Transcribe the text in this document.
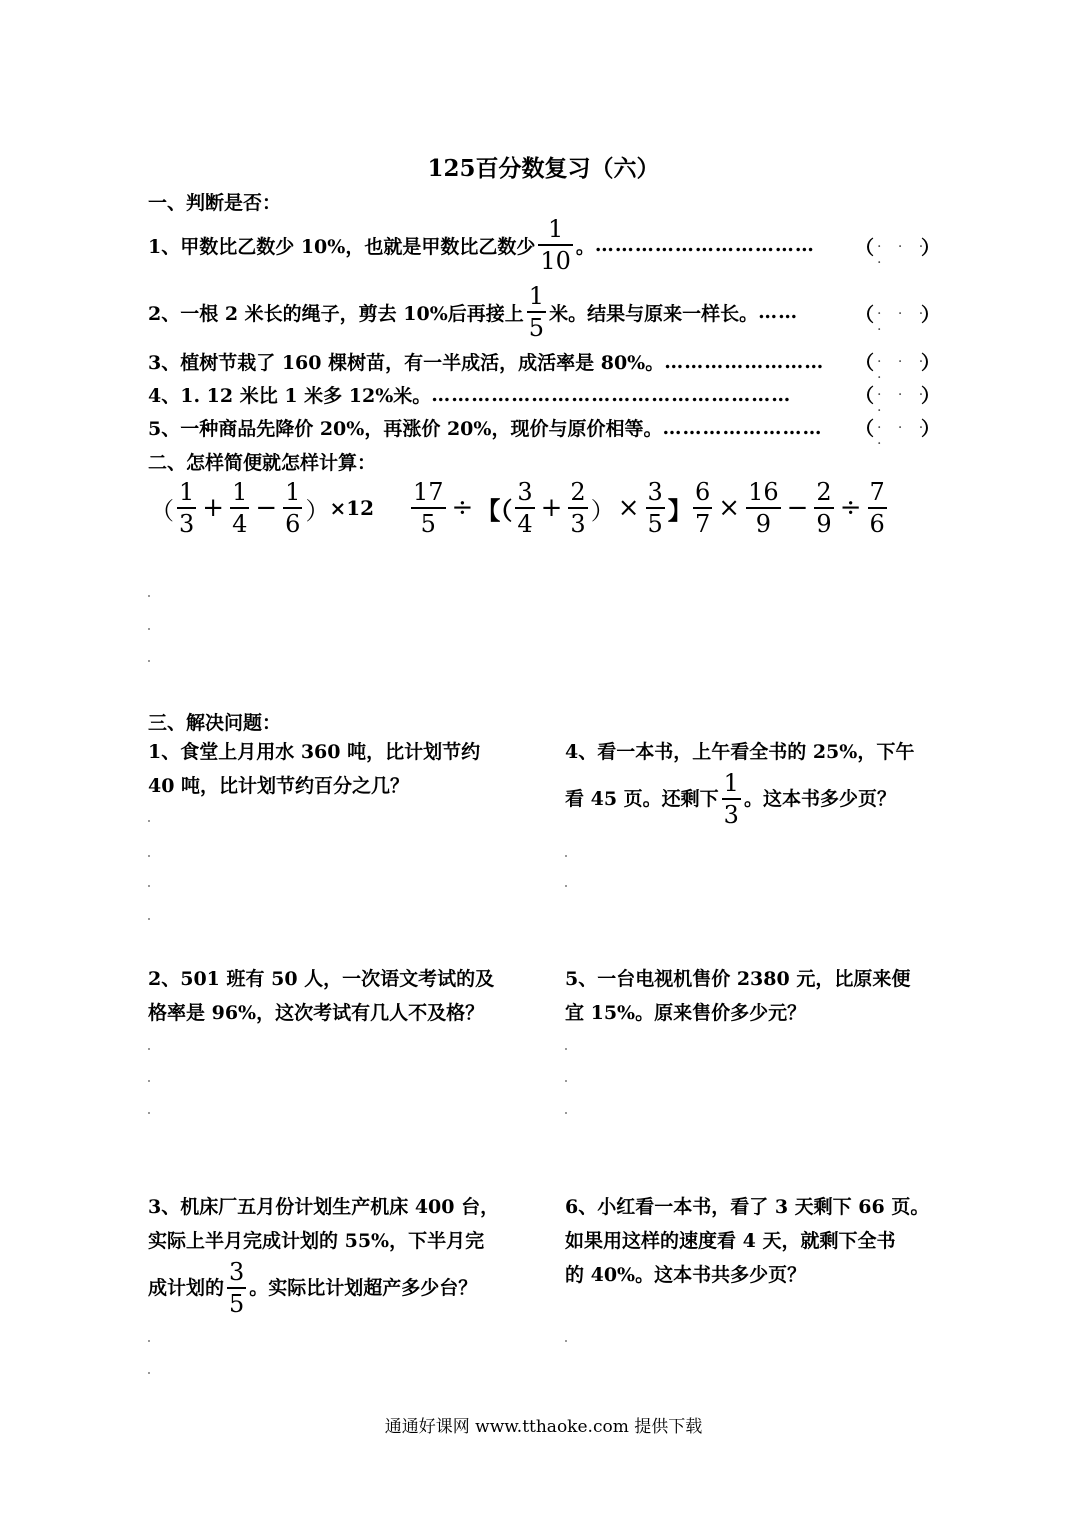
125百分数复习（六）
一、判断是否：
1、甲数比乙数少 10%，也就是甲数比乙数少 $\frac{1}{10}$ 。 …………………………… （ . . . .	）
2、一根 2 米长的绳子，剪去 10%后再接上 $\frac{1}{5}$ 米。结果与原来一样长。 ……	（ . . . .	）
3、植树节栽了 160 棵树苗，有一半成活，成活率是 80%。 …………………… （ . . . .	）
4、1. 12 米比 1 米多 12%米。 ………………………………………………	（ . . . .	）
5、一种商品先降价 20%，再涨价 20%，现价与原价相等。 …………………… （ . . . .	）
二、怎样简便就怎样计算：
（ $\frac{1}{3} + \frac{1}{4} - \frac{1}{6}$ ） $\times 12 \frac{17}{5}$ ÷ 【（ $\frac{3}{4} + \frac{2}{3}$ ） × $\frac{3}{5}$ 】 $\frac{6}{7} \times \frac{16}{9} - \frac{2}{9} \div \frac{7}{6}$
三、解决问题：
1、食堂上月用水 360 吨，比计划节约
40 吨，比计划节约百分之几？
4、看一本书，上午看全书的 25%，下午
看 45 页。还剩下 $\frac{1}{3}$ 。这本书多少页？
2、501 班有 50 人，一次语文考试的及
格率是 96%，这次考试有几人不及格？
5、一台电视机售价 2380 元，比原来便
宜 15%。原来售价多少元？
3、机床厂五月份计划生产机床 400 台，
实际上半月完成计划的 55%，下半月完
成计划的 $\frac{3}{5}$ 。实际比计划超产多少台？
6、小红看一本书，看了 3 天剩下 66 页。
如果用这样的速度看 4 天，就剩下全书
的 40%。这本书共多少页？
通通好课网 www.tthaoke.com 提供下载
